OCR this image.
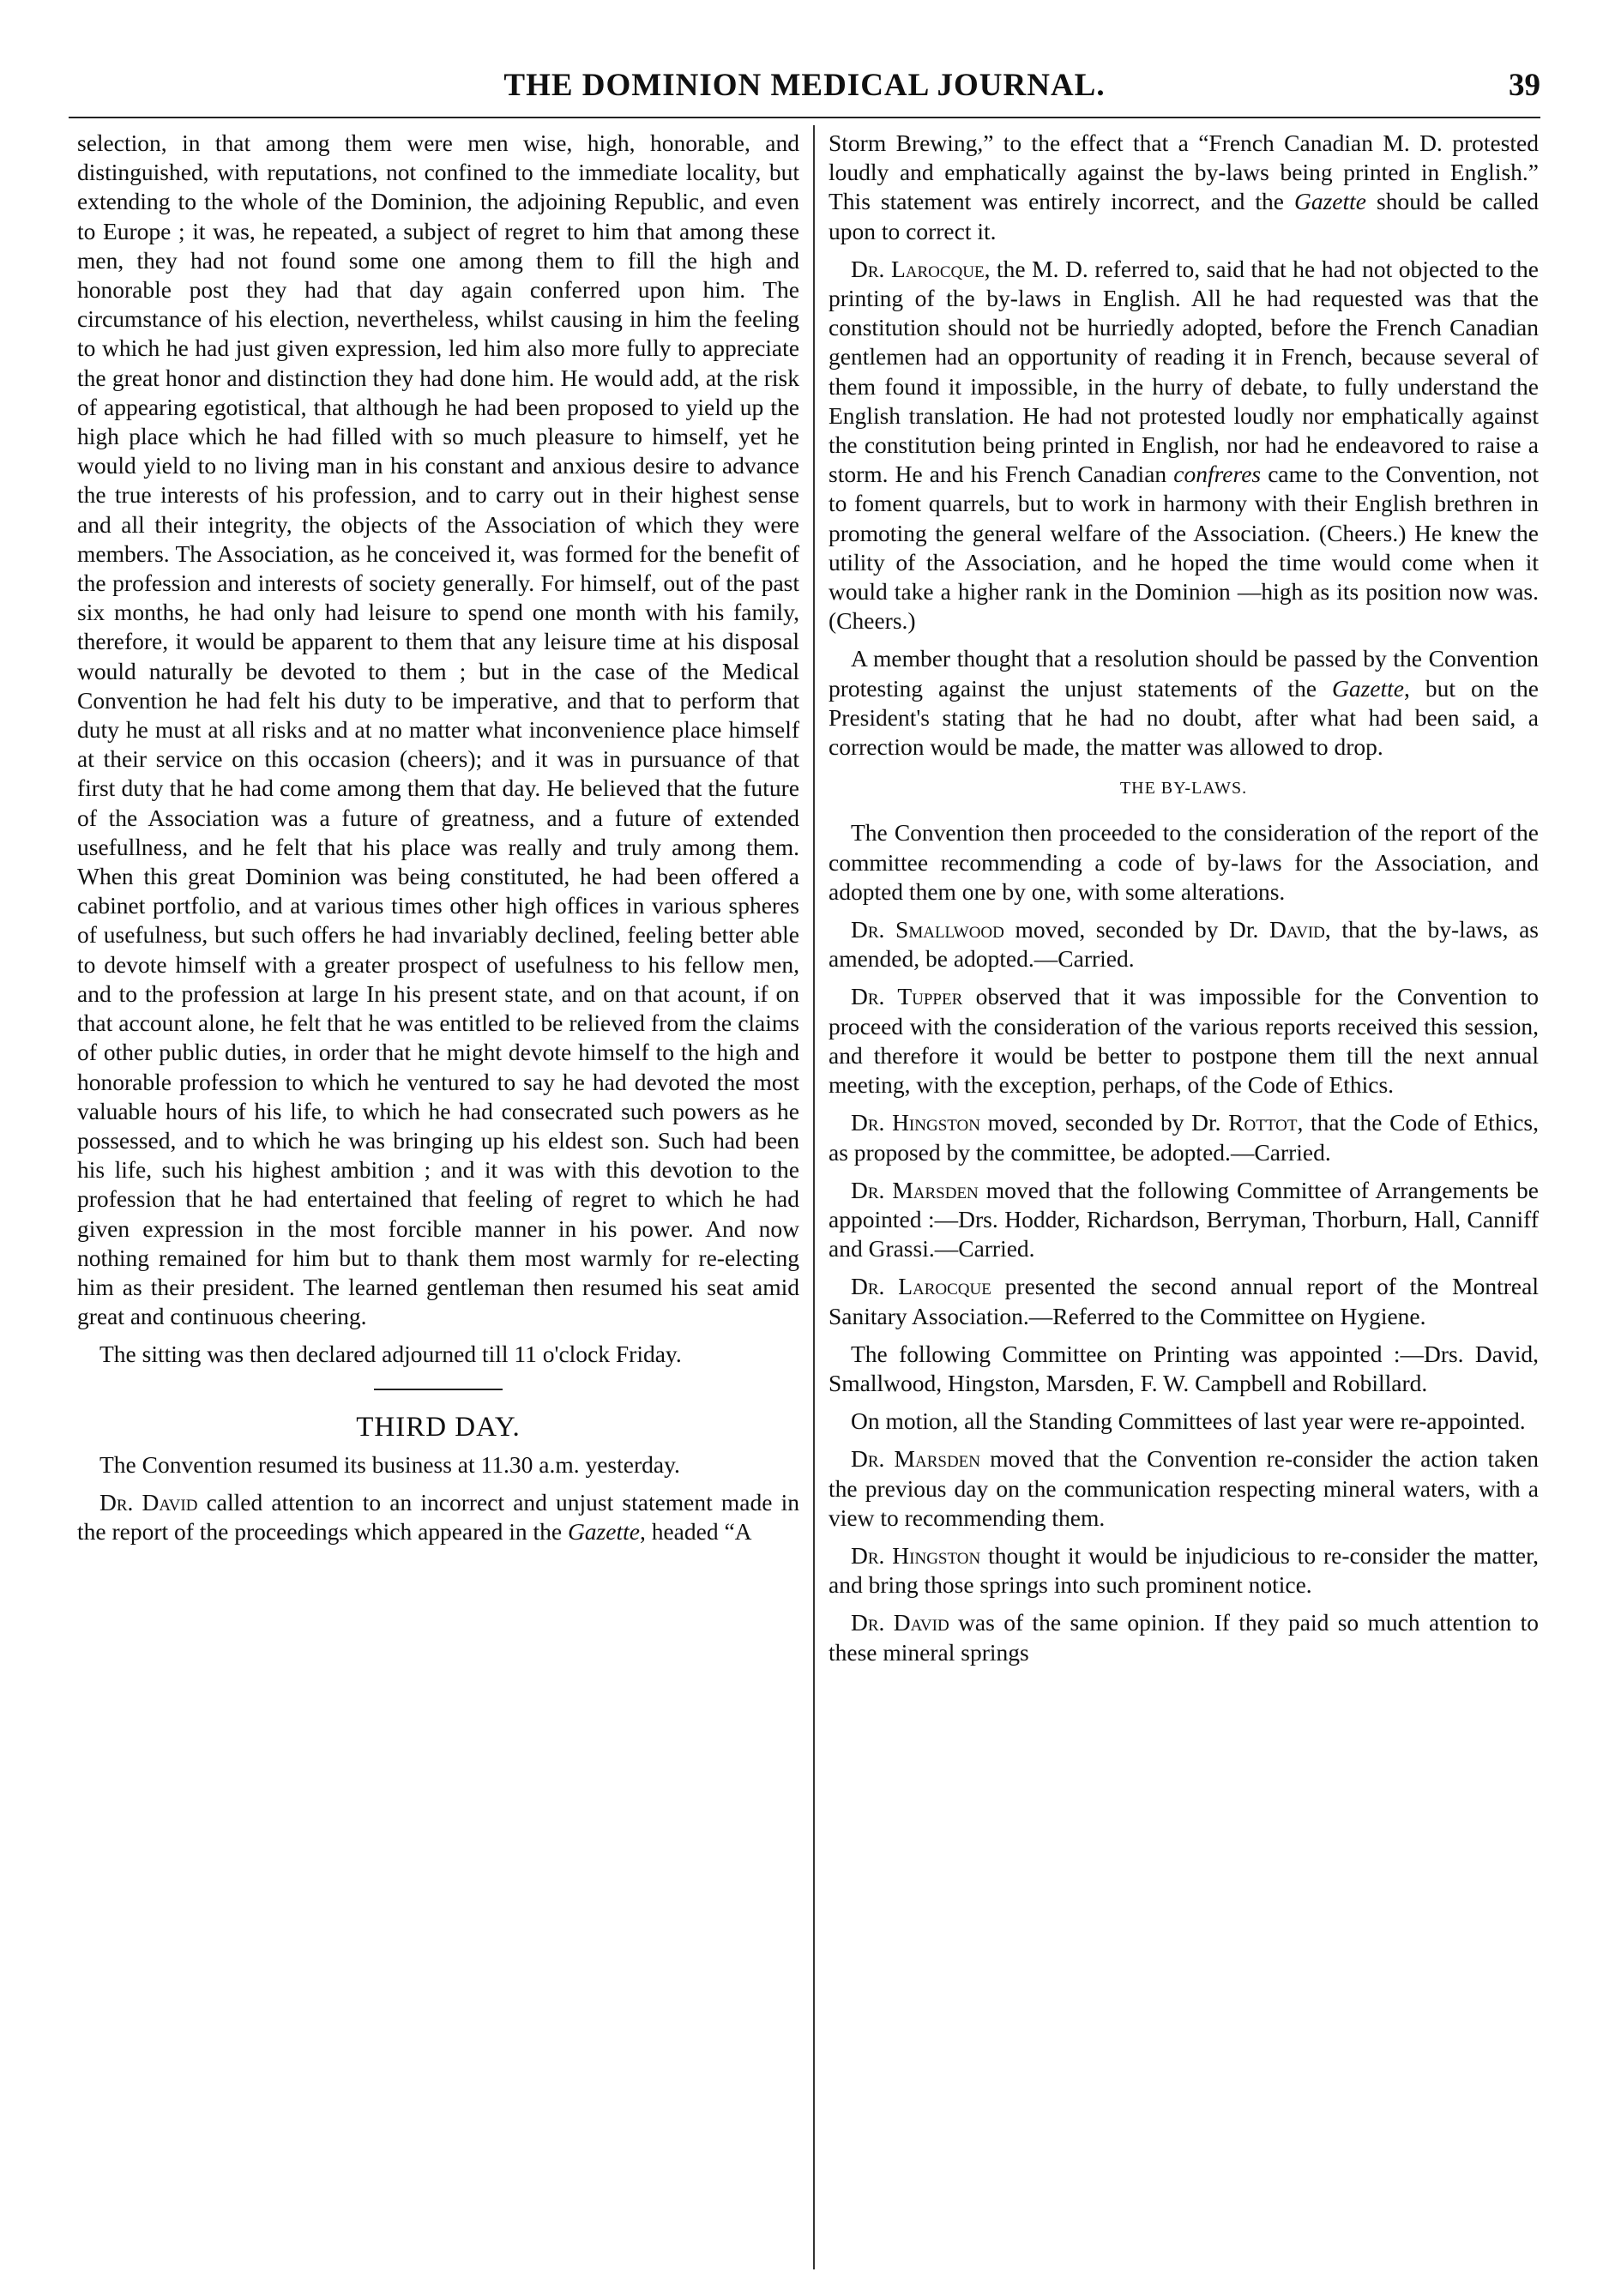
THE DOMINION MEDICAL JOURNAL.	39

selection, in that among them were men wise, high, honorable, and distinguished, with reputations, not confined to the immediate locality, but extending to the whole of the Dominion, the adjoining Republic, and even to Europe ; it was, he repeated, a subject of regret to him that among these men, they had not found some one among them to fill the high and honorable post they had that day again conferred upon him. The circumstance of his election, nevertheless, whilst causing in him the feeling to which he had just given expression, led him also more fully to appreciate the great honor and distinction they had done him. He would add, at the risk of appearing egotistical, that although he had been proposed to yield up the high place which he had filled with so much pleasure to himself, yet he would yield to no living man in his constant and anxious desire to advance the true interests of his profession, and to carry out in their highest sense and all their integrity, the objects of the Association of which they were members. The Association, as he conceived it, was formed for the benefit of the profession and interests of society generally. For himself, out of the past six months, he had only had leisure to spend one month with his family, therefore, it would be apparent to them that any leisure time at his disposal would naturally be devoted to them ; but in the case of the Medical Convention he had felt his duty to be imperative, and that to perform that duty he must at all risks and at no matter what inconvenience place himself at their service on this occasion (cheers); and it was in pursuance of that first duty that he had come among them that day. He believed that the future of the Association was a future of greatness, and a future of extended usefullness, and he felt that his place was really and truly among them. When this great Dominion was being constituted, he had been offered a cabinet portfolio, and at various times other high offices in various spheres of usefulness, but such offers he had invariably declined, feeling better able to devote himself with a greater prospect of usefulness to his fellow men, and to the profession at large In his present state, and on that acount, if on that account alone, he felt that he was entitled to be relieved from the claims of other public duties, in order that he might devote himself to the high and honorable profession to which he ventured to say he had devoted the most valuable hours of his life, to which he had consecrated such powers as he possessed, and to which he was bringing up his eldest son. Such had been his life, such his highest ambition ; and it was with this devotion to the profession that he had entertained that feeling of regret to which he had given expression in the most forcible manner in his power. And now nothing remained for him but to thank them most warmly for re-electing him as their president. The learned gentleman then resumed his seat amid great and continuous cheering.

The sitting was then declared adjourned till 11 o'clock Friday.

THIRD DAY.

The Convention resumed its business at 11.30 a.m. yesterday.

Dr. David called attention to an incorrect and unjust statement made in the report of the proceedings which appeared in the Gazette, headed “A

Storm Brewing,” to the effect that a “French Canadian M. D. protested loudly and emphatically against the by-laws being printed in English.” This statement was entirely incorrect, and the Gazette should be called upon to correct it.

Dr. Larocque, the M. D. referred to, said that he had not objected to the printing of the by-laws in English. All he had requested was that the constitution should not be hurriedly adopted, before the French Canadian gentlemen had an opportunity of reading it in French, because several of them found it impossible, in the hurry of debate, to fully understand the English translation. He had not protested loudly nor emphatically against the constitution being printed in English, nor had he endeavored to raise a storm. He and his French Canadian confreres came to the Convention, not to foment quarrels, but to work in harmony with their English brethren in promoting the general welfare of the Association. (Cheers.) He knew the utility of the Association, and he hoped the time would come when it would take a higher rank in the Dominion —high as its position now was. (Cheers.)

A member thought that a resolution should be passed by the Convention protesting against the unjust statements of the Gazette, but on the President's stating that he had no doubt, after what had been said, a correction would be made, the matter was allowed to drop.

THE BY-LAWS.

The Convention then proceeded to the consideration of the report of the committee recommending a code of by-laws for the Association, and adopted them one by one, with some alterations.

Dr. Smallwood moved, seconded by Dr. David, that the by-laws, as amended, be adopted.—Carried.

Dr. Tupper observed that it was impossible for the Convention to proceed with the consideration of the various reports received this session, and therefore it would be better to postpone them till the next annual meeting, with the exception, perhaps, of the Code of Ethics.

Dr. Hingston moved, seconded by Dr. Rottot, that the Code of Ethics, as proposed by the committee, be adopted.—Carried.

Dr. Marsden moved that the following Committee of Arrangements be appointed :—Drs. Hodder, Richardson, Berryman, Thorburn, Hall, Canniff and Grassi.—Carried.

Dr. Larocque presented the second annual report of the Montreal Sanitary Association.—Referred to the Committee on Hygiene.

The following Committee on Printing was appointed :—Drs. David, Smallwood, Hingston, Marsden, F. W. Campbell and Robillard.

On motion, all the Standing Committees of last year were re-appointed.

Dr. Marsden moved that the Convention re-consider the action taken the previous day on the communication respecting mineral waters, with a view to recommending them.

Dr. Hingston thought it would be injudicious to re-consider the matter, and bring those springs into such prominent notice.

Dr. David was of the same opinion. If they paid so much attention to these mineral springs
